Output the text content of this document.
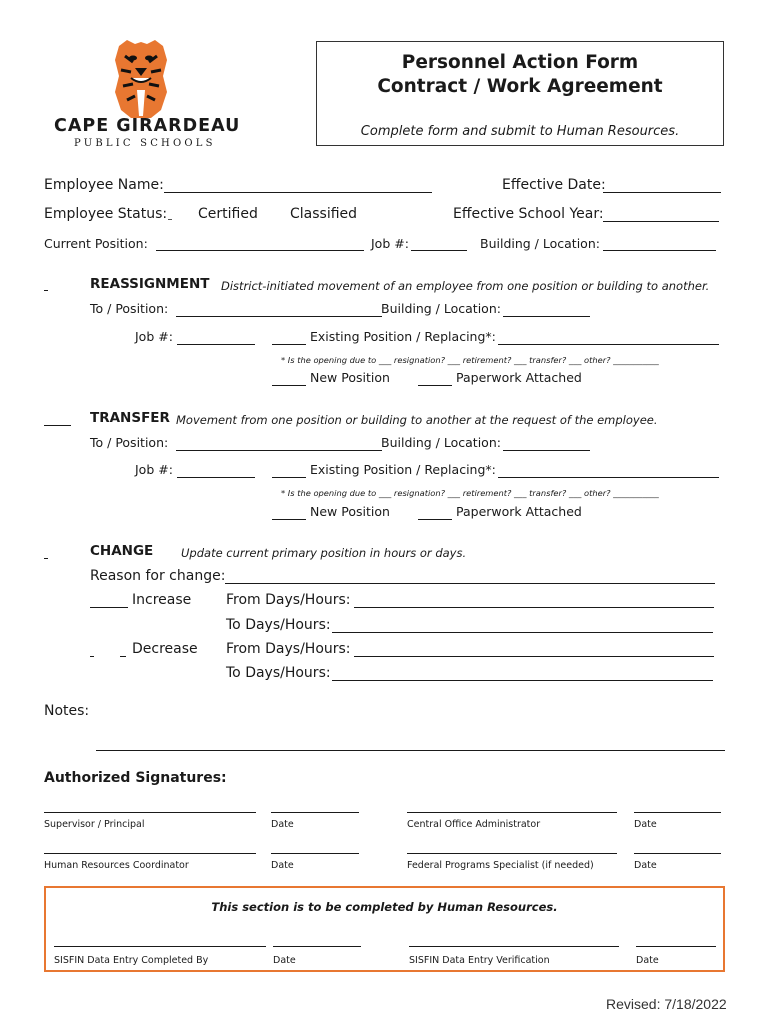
CAPE GIRARDEAU
PUBLIC SCHOOLS
Personnel Action Form
Contract / Work Agreement
Complete form and submit to Human Resources.
Employee Name:	Effective Date:
Employee Status: Certified Classified	Effective School Year:
Current Position:	Job #:	Building / Location:
REASSIGNMENT District-initiated movement of an employee from one position or building to another.
To / Position:	Building / Location:
Job #:	Existing Position / Replacing*:
* Is the opening due to ___ resignation? ___ retirement? ___ transfer? ___ other? ___________
New Position	Paperwork Attached
TRANSFER Movement from one position or building to another at the request of the employee.
To / Position:	Building / Location:
Job #:	Existing Position / Replacing*:
* Is the opening due to ___ resignation? ___ retirement? ___ transfer? ___ other? ___________
New Position	Paperwork Attached
CHANGE Update current primary position in hours or days.
Reason for change:
Increase From Days/Hours:
To Days/Hours:
Decrease From Days/Hours:
To Days/Hours:
Notes:
Authorized Signatures:
Supervisor / Principal	Date	Central Office Administrator	Date
Human Resources Coordinator	Date	Federal Programs Specialist (if needed)	Date
This section is to be completed by Human Resources.
SISFIN Data Entry Completed By	Date	SISFIN Data Entry Verification	Date
Revised: 7/18/2022
